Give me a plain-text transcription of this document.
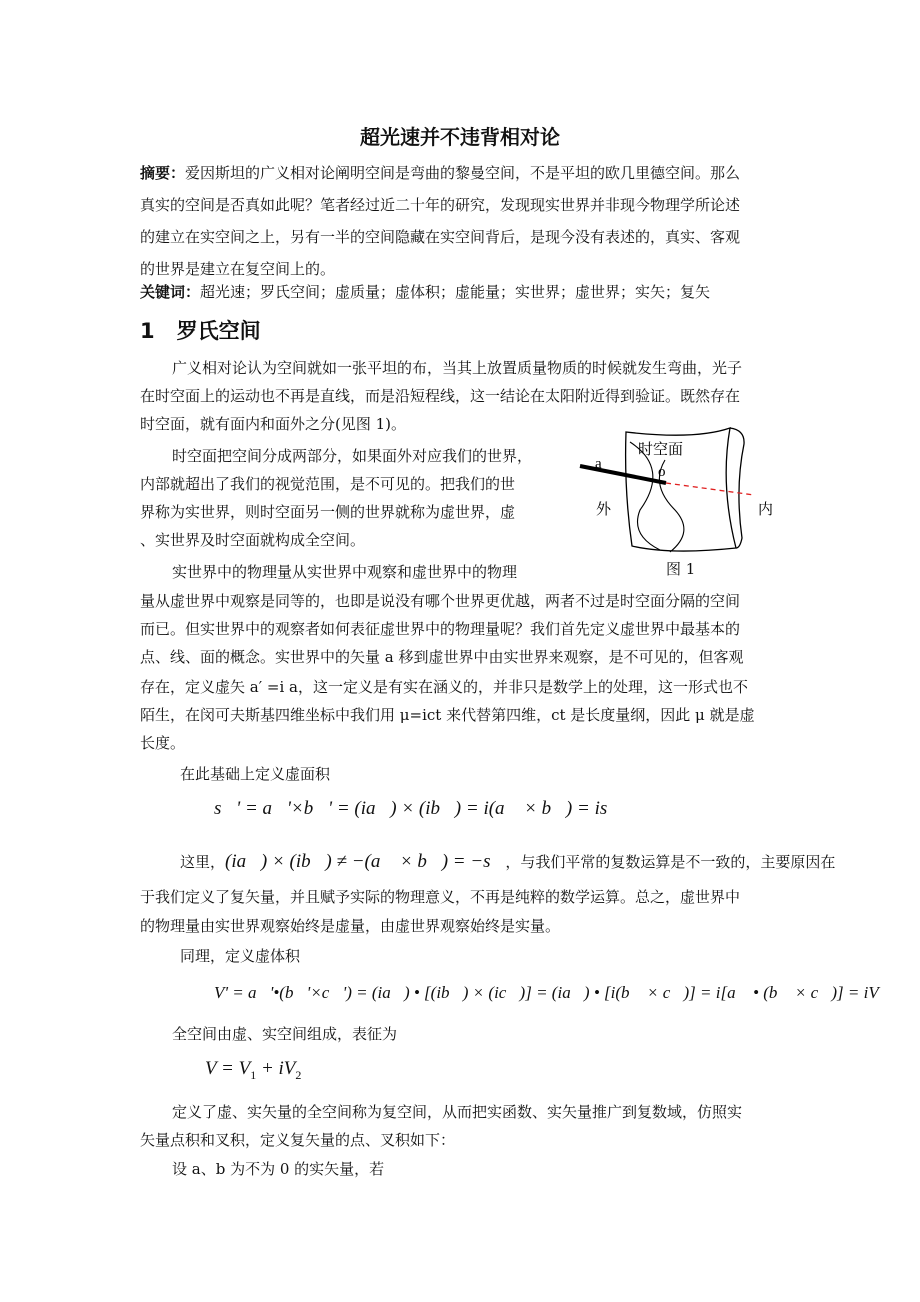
超光速并不违背相对论
摘要：爱因斯坦的广义相对论阐明空间是弯曲的黎曼空间，不是平坦的欧几里德空间。那么
真实的空间是否真如此呢？笔者经过近二十年的研究，发现现实世界并非现今物理学所论述
的建立在实空间之上，另有一半的空间隐藏在实空间背后，是现今没有表述的，真实、客观
的世界是建立在复空间上的。
关键词：超光速；罗氏空间；虚质量；虚体积；虚能量；实世界；虚世界；实矢；复矢
1 罗氏空间
广义相对论认为空间就如一张平坦的布，当其上放置质量物质的时候就发生弯曲，光子
在时空面上的运动也不再是直线，而是沿短程线，这一结论在太阳附近得到验证。既然存在
时空面，就有面内和面外之分(见图 1)。
时空面把空间分成两部分，如果面外对应我们的世界，
内部就超出了我们的视觉范围，是不可见的。把我们的世
界称为实世界，则时空面另一侧的世界就称为虚世界，虚
、实世界及时空面就构成全空间。
a	o
时空面
外	内
图 1
实世界中的物理量从实世界中观察和虚世界中的物理
量从虚世界中观察是同等的，也即是说没有哪个世界更优越，两者不过是时空面分隔的空间
而已。但实世界中的观察者如何表征虚世界中的物理量呢？我们首先定义虚世界中最基本的
点、线、面的概念。实世界中的矢量 a 移到虚世界中由实世界来观察，是不可见的，但客观
存在，定义虚矢 a′ =i a，这一定义是有实在涵义的，并非只是数学上的处理，这一形式也不
陌生，在闵可夫斯基四维坐标中我们用 μ=ict 来代替第四维，ct 是长度量纲，因此 μ 就是虚
长度。
在此基础上定义虚面积
s⃗' = a⃗'×b⃗' = (ia⃗) × (ib⃗) = i(a⃗ × b⃗) = is⃗
这里，(ia⃗) × (ib⃗) ≠ −(a⃗ × b⃗) = −s⃗，与我们平常的复数运算是不一致的，主要原因在
于我们定义了复矢量，并且赋予实际的物理意义，不再是纯粹的数学运算。总之，虚世界中
的物理量由实世界观察始终是虚量，由虚世界观察始终是实量。
同理，定义虚体积
V' = a⃗'•(b⃗'×c⃗') = (ia⃗) • [(ib⃗) × (ic⃗)] = (ia⃗) • [i(b⃗ × c⃗)] = i[a⃗ • (b⃗ × c⃗)] = iV
全空间由虚、实空间组成，表征为
$V = V_1 + iV_2$
定义了虚、实矢量的全空间称为复空间，从而把实函数、实矢量推广到复数域，仿照实
矢量点积和叉积，定义复矢量的点、叉积如下：
设 a、b 为不为 0 的实矢量，若
